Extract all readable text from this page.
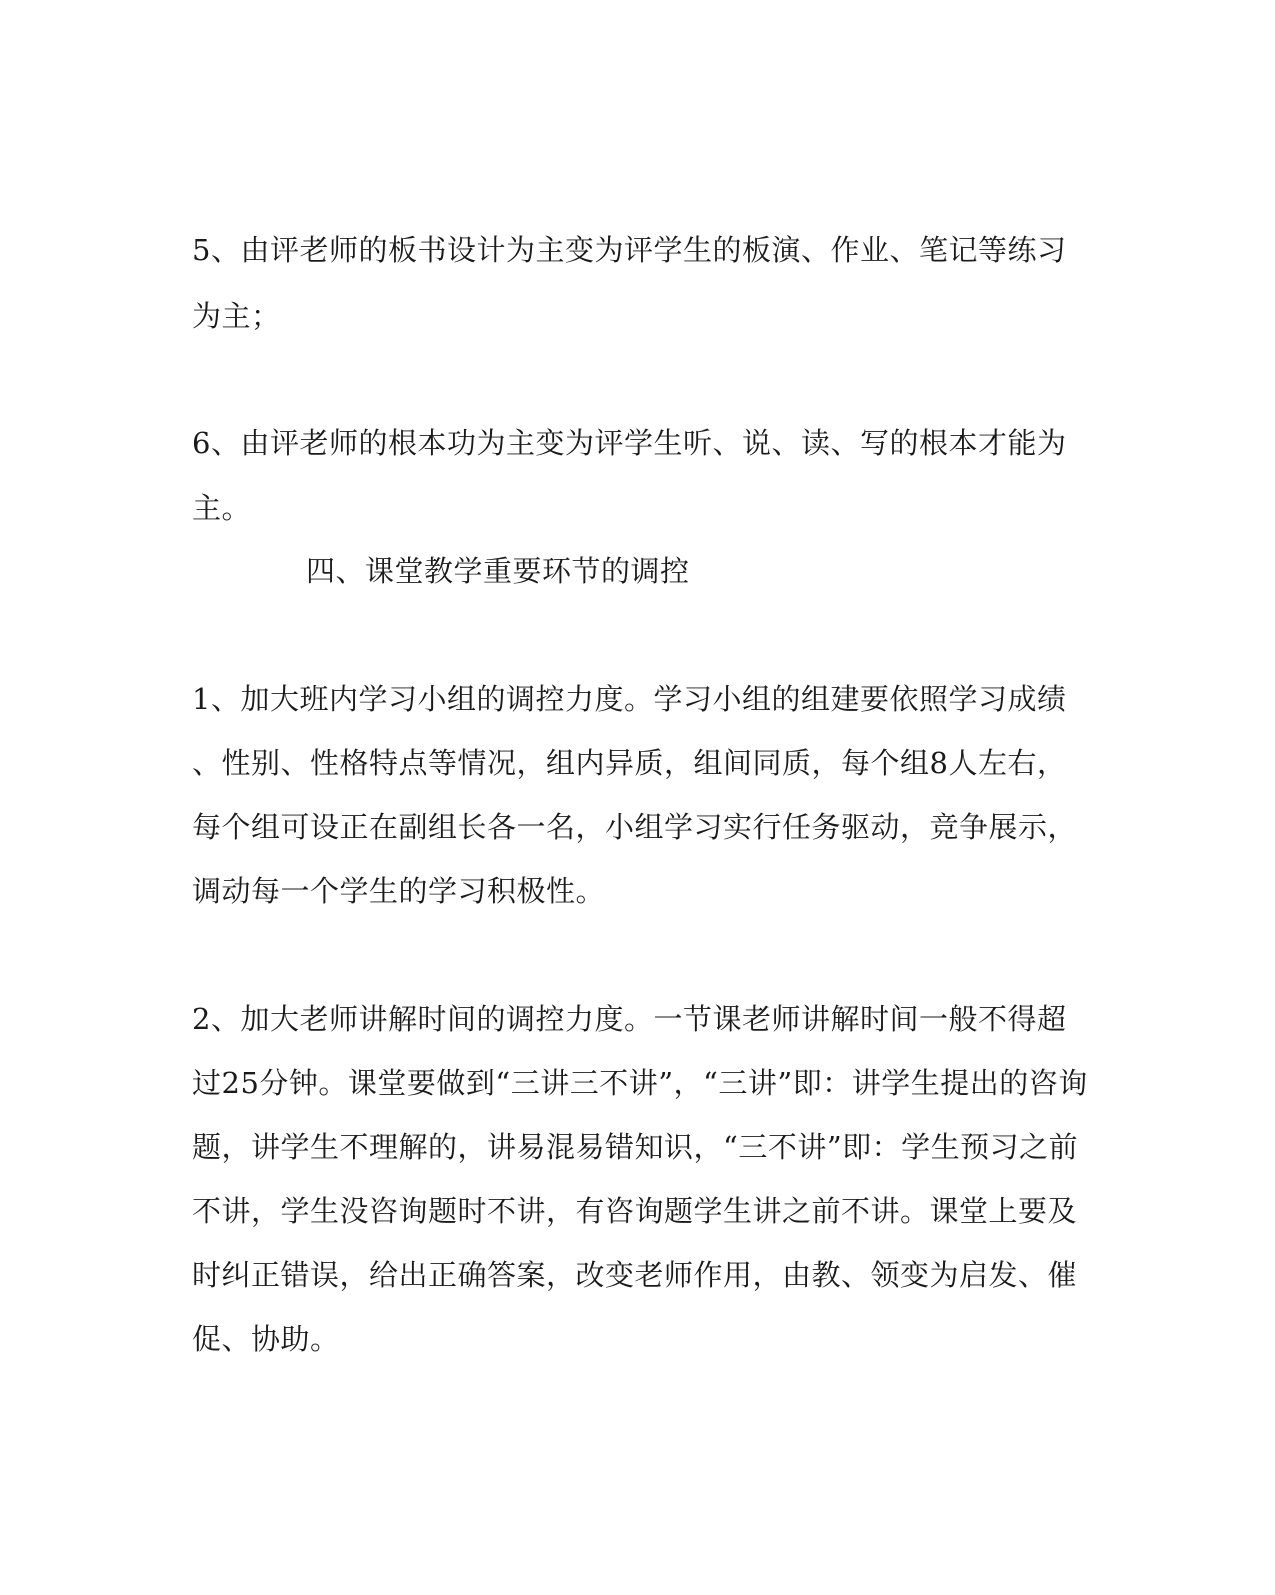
5、由评老师的板书设计为主变为评学生的板演、作业、笔记等练习
为主；
6、由评老师的根本功为主变为评学生听、说、读、写的根本才能为
主。
四、课堂教学重要环节的调控
1、加大班内学习小组的调控力度。学习小组的组建要依照学习成绩
、性别、性格特点等情况，组内异质，组间同质，每个组8人左右，
每个组可设正在副组长各一名，小组学习实行任务驱动，竞争展示，
调动每一个学生的学习积极性。
2、加大老师讲解时间的调控力度。一节课老师讲解时间一般不得超
过25分钟。课堂要做到“三讲三不讲”，“三讲”即：讲学生提出的咨询
题，讲学生不理解的，讲易混易错知识，“三不讲”即：学生预习之前
不讲，学生没咨询题时不讲，有咨询题学生讲之前不讲。课堂上要及
时纠正错误，给出正确答案，改变老师作用，由教、领变为启发、催
促、协助。
